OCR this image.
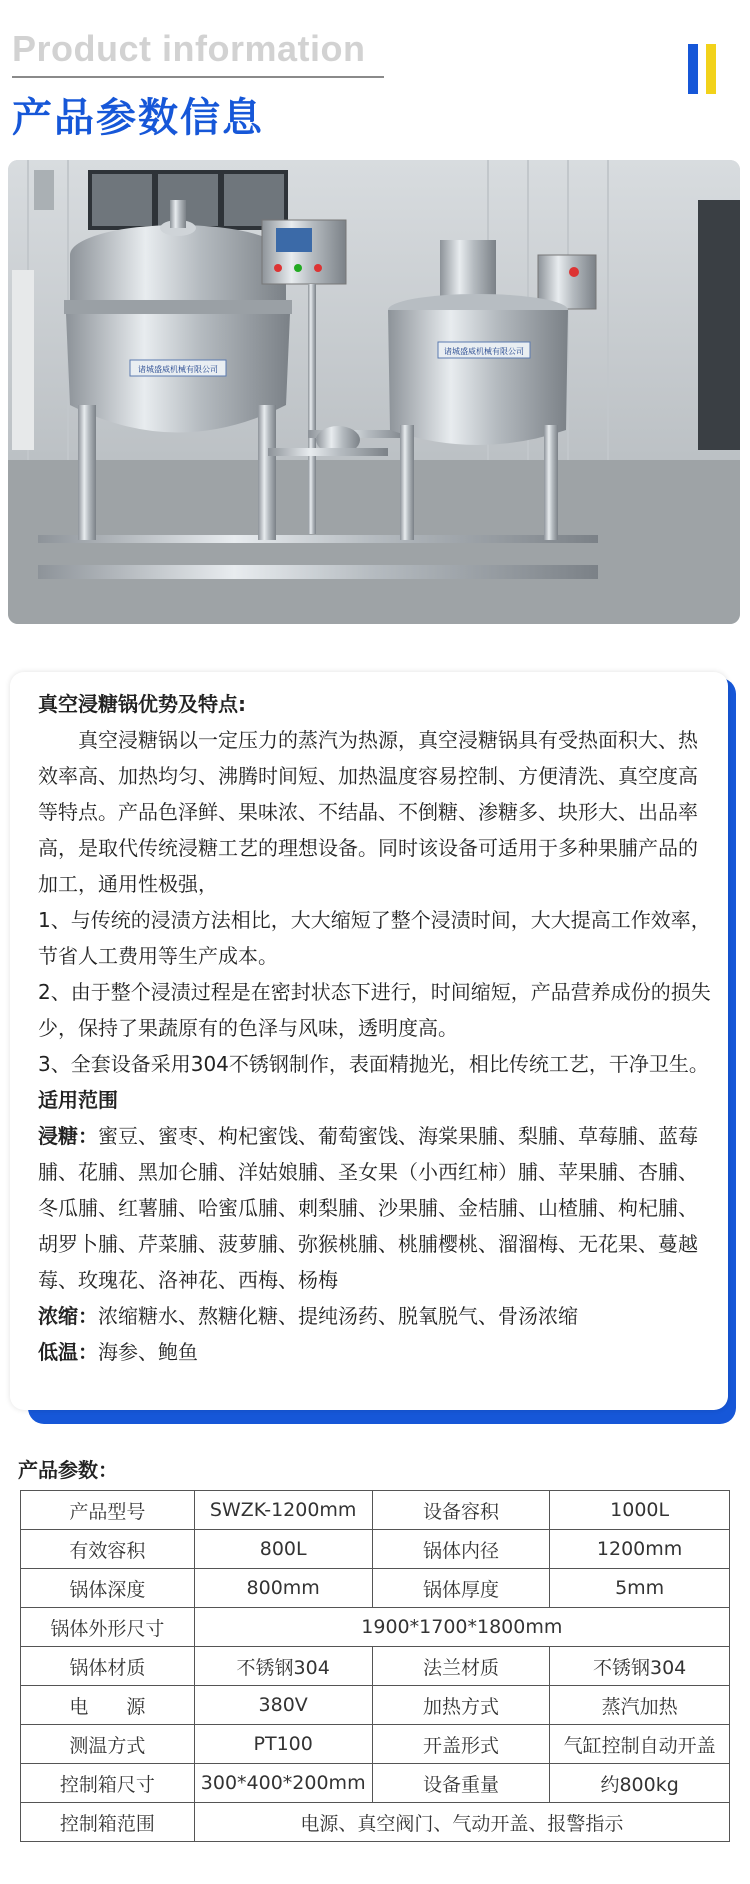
Product information
产品参数信息
诸城盛威机械有限公司
诸城盛威机械有限公司

真空浸糖锅优势及特点:

真空浸糖锅以一定压力的蒸汽为热源，真空浸糖锅具有受热面积大、热效率高、加热均匀、沸腾时间短、加热温度容易控制、方便清洗、真空度高等特点。产品色泽鲜、果味浓、不结晶、不倒糖、渗糖多、块形大、出品率高，是取代传统浸糖工艺的理想设备。同时该设备可适用于多种果脯产品的加工，通用性极强，

1、与传统的浸渍方法相比，大大缩短了整个浸渍时间，大大提高工作效率，节省人工费用等生产成本。

2、由于整个浸渍过程是在密封状态下进行，时间缩短，产品营养成份的损失少，保持了果蔬原有的色泽与风味，透明度高。

3、全套设备采用304不锈钢制作，表面精抛光，相比传统工艺，干净卫生。

适用范围

浸糖：蜜豆、蜜枣、枸杞蜜饯、葡萄蜜饯、海棠果脯、梨脯、草莓脯、蓝莓脯、花脯、黑加仑脯、洋姑娘脯、圣女果（小西红柿）脯、苹果脯、杏脯、冬瓜脯、红薯脯、哈蜜瓜脯、刺梨脯、沙果脯、金桔脯、山楂脯、枸杞脯、胡罗卜脯、芹菜脯、菠萝脯、弥猴桃脯、桃脯樱桃、溜溜梅、无花果、蔓越莓、玫瑰花、洛神花、西梅、杨梅

浓缩：浓缩糖水、熬糖化糖、提纯汤药、脱氧脱气、骨汤浓缩

低温：海参、鲍鱼

产品参数：
产品型号	SWZK-1200mm	设备容积	1000L
有效容积	800L	锅体内径	1200mm
锅体深度	800mm	锅体厚度	5mm
锅体外形尺寸	1900*1700*1800mm		
锅体材质	不锈钢304	法兰材质	不锈钢304
电　　源	380V	加热方式	蒸汽加热
测温方式	PT100	开盖形式	气缸控制自动开盖
控制箱尺寸	300*400*200mm	设备重量	约800kg
控制箱范围	电源、真空阀门、气动开盖、报警指示		
